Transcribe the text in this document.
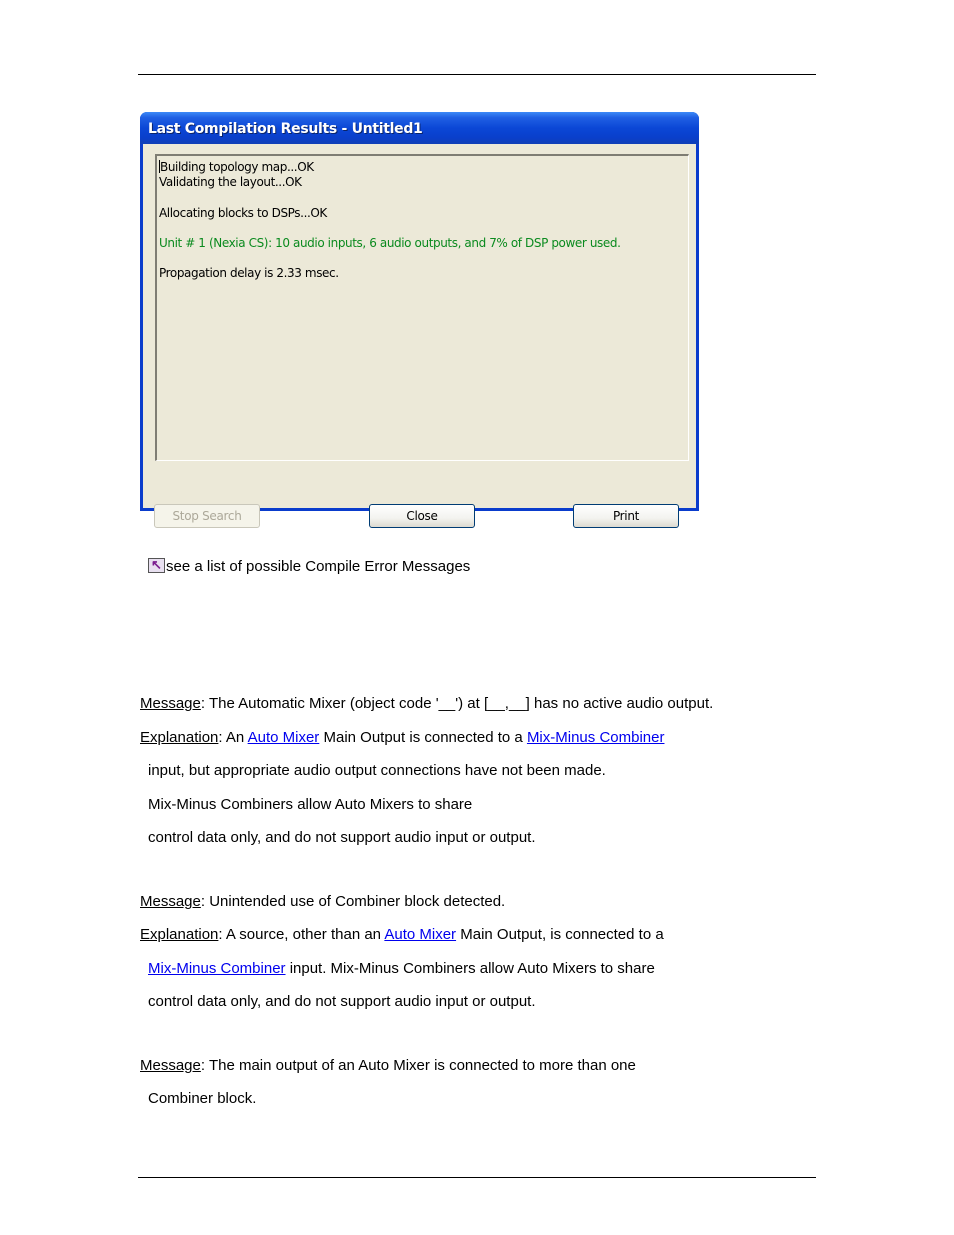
Last Compilation Results - Untitled1
Building topology map...OK
Validating the layout...OK
Allocating blocks to DSPs...OK
Unit # 1 (Nexia CS): 10 audio inputs, 6 audio outputs, and 7% of DSP power used.
Propagation delay is 2.33 msec.
Stop Search	Close	Print
↖see a list of possible Compile Error Messages
Message: The Automatic Mixer (object code '__') at [__,__] has no active audio output.
Explanation: An Auto Mixer Main Output is connected to a Mix-Minus Combiner
input, but appropriate audio output connections have not been made.
Mix-Minus Combiners allow Auto Mixers to share
control data only, and do not support audio input or output.
Message: Unintended use of Combiner block detected.
Explanation: A source, other than an Auto Mixer Main Output, is connected to a
Mix-Minus Combiner input. Mix-Minus Combiners allow Auto Mixers to share
control data only, and do not support audio input or output.
Message: The main output of an Auto Mixer is connected to more than one
Combiner block.
